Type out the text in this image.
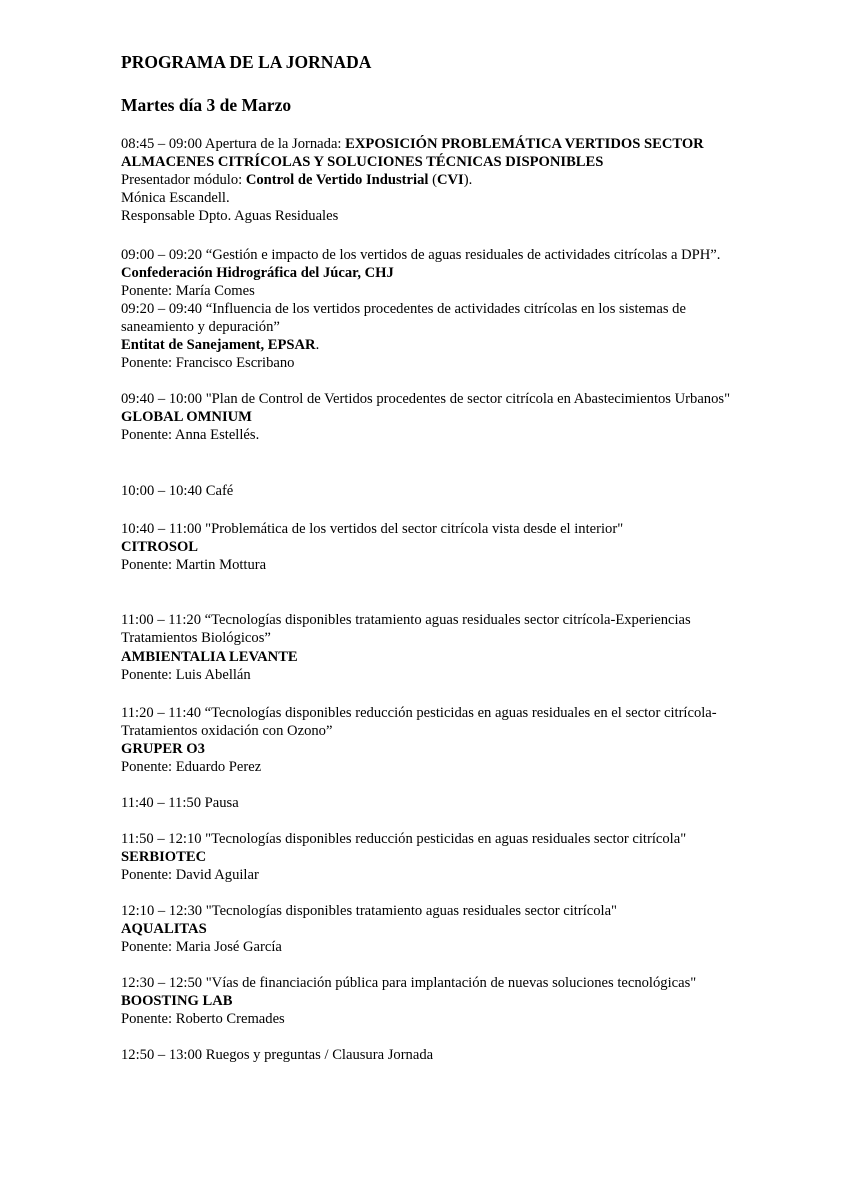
PROGRAMA DE LA JORNADA
Martes día 3 de Marzo
08:45 – 09:00 Apertura de la Jornada: EXPOSICIÓN PROBLEMÁTICA VERTIDOS SECTOR
ALMACENES CITRÍCOLAS Y SOLUCIONES TÉCNICAS DISPONIBLES
Presentador módulo: Control de Vertido Industrial (CVI).
Mónica Escandell.
Responsable Dpto. Aguas Residuales
09:00 – 09:20 “Gestión e impacto de los vertidos de aguas residuales de actividades citrícolas a DPH”.
Confederación Hidrográfica del Júcar, CHJ
Ponente: María Comes
09:20 – 09:40 “Influencia de los vertidos procedentes de actividades citrícolas en los sistemas de
saneamiento y depuración”
Entitat de Sanejament, EPSAR.
Ponente: Francisco Escribano
09:40 – 10:00 "Plan de Control de Vertidos procedentes de sector citrícola en Abastecimientos Urbanos"
GLOBAL OMNIUM
Ponente: Anna Estellés.
10:00 – 10:40 Café
10:40 – 11:00 "Problemática de los vertidos del sector citrícola vista desde el interior"
CITROSOL
Ponente: Martin Mottura
11:00 – 11:20 “Tecnologías disponibles tratamiento aguas residuales sector citrícola-Experiencias
Tratamientos Biológicos”
AMBIENTALIA LEVANTE
Ponente: Luis Abellán
11:20 – 11:40 “Tecnologías disponibles reducción pesticidas en aguas residuales en el sector citrícola-
Tratamientos oxidación con Ozono”
GRUPER O3
Ponente: Eduardo Perez
11:40 – 11:50 Pausa
11:50 – 12:10 "Tecnologías disponibles reducción pesticidas en aguas residuales sector citrícola"
SERBIOTEC
Ponente: David Aguilar
12:10 – 12:30 "Tecnologías disponibles tratamiento aguas residuales sector citrícola"
AQUALITAS
Ponente: Maria José García
12:30 – 12:50 "Vías de financiación pública para implantación de nuevas soluciones tecnológicas"
BOOSTING LAB
Ponente: Roberto Cremades
12:50 – 13:00 Ruegos y preguntas / Clausura Jornada
